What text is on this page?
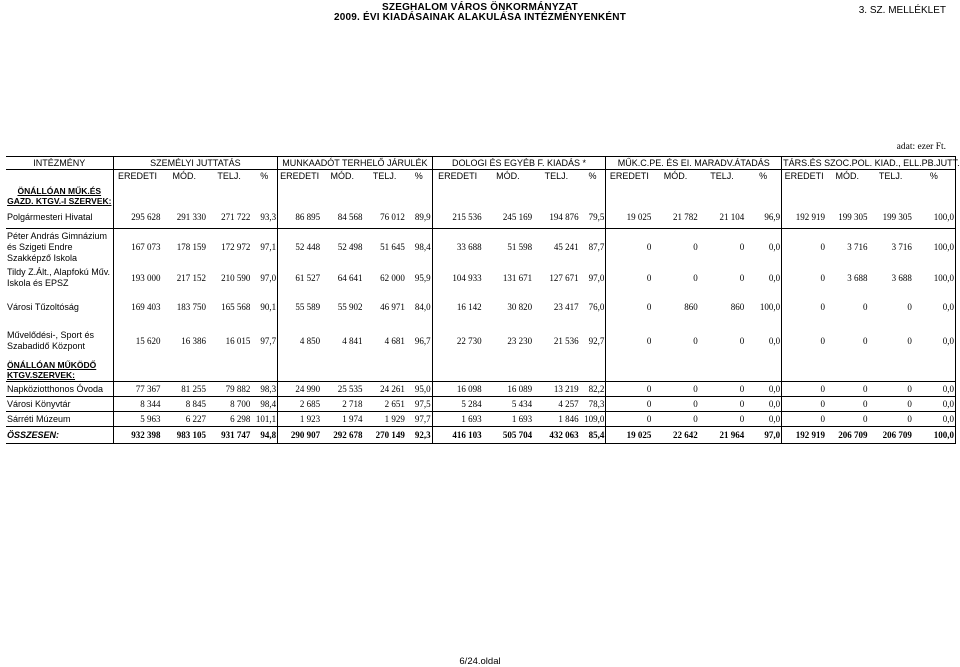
SZEGHALOM VÁROS ÖNKORMÁNYZAT
2009. ÉVI KIADÁSAINAK ALAKULÁSA INTÉZMÉNYENKÉNT
3. SZ. MELLÉKLET
adat: ezer Ft.
INTÉZMÉNY	SZEMÉLYI JUTTATÁS				MUNKAADÓT TERHELŐ JÁRULÉK				DOLOGI ÉS EGYÉB F. KIADÁS *				MŰK.C.PE. ÉS EI. MARADV.ÁTADÁS				TÁRS.ÉS SZOC.POL. KIAD., ELL.PB.JUTT.			
ÖNÁLLÓAN MŰK.ÉS GAZD. KTGV.-I SZERVEK:	EREDETI	MÓD.	TELJ.	%	EREDETI	MÓD.	TELJ.	%	EREDETI	MÓD.	TELJ.	%	EREDETI	MÓD.	TELJ.	%	EREDETI	MÓD.	TELJ.	%

Polgármesteri Hivatal	295 628	291 330	271 722	93,3	86 895	84 568	76 012	89,9	215 536	245 169	194 876	79,5	19 025	21 782	21 104	96,9	192 919	199 305	199 305	100,0
Péter András Gimnázium és Szigeti Endre Szakképző Iskola	167 073	178 159	172 972	97,1	52 448	52 498	51 645	98,4	33 688	51 598	45 241	87,7	0	0	0	0,0	0	3 716	3 716	100,0
Tildy Z.Ált., Alapfokú Műv. Iskola és EPSZ	193 000	217 152	210 590	97,0	61 527	64 641	62 000	95,9	104 933	131 671	127 671	97,0	0	0	0	0,0	0	3 688	3 688	100,0
Városi Tűzoltóság	169 403	183 750	165 568	90,1	55 589	55 902	46 971	84,0	16 142	30 820	23 417	76,0	0	860	860	100,0	0	0	0	0,0
Művelődési-, Sport és Szabadidő Központ	15 620	16 386	16 015	97,7	4 850	4 841	4 681	96,7	22 730	23 230	21 536	92,7	0	0	0	0,0	0	0	0	0,0
ÖNÁLLÓAN MŰKÖDŐ KTGV.SZERVEK:																				
Napköziotthonos Óvoda	77 367	81 255	79 882	98,3	24 990	25 535	24 261	95,0	16 098	16 089	13 219	82,2	0	0	0	0,0	0	0	0	0,0
Városi Könyvtár	8 344	8 845	8 700	98,4	2 685	2 718	2 651	97,5	5 284	5 434	4 257	78,3	0	0	0	0,0	0	0	0	0,0
Sárréti Múzeum	5 963	6 227	6 298	101,1	1 923	1 974	1 929	97,7	1 693	1 693	1 846	109,0	0	0	0	0,0	0	0	0	0,0
ÖSSZESEN:	932 398	983 105	931 747	94,8	290 907	292 678	270 149	92,3	416 103	505 704	432 063	85,4	19 025	22 642	21 964	97,0	192 919	206 709	206 709	100,0
6/24.oldal
